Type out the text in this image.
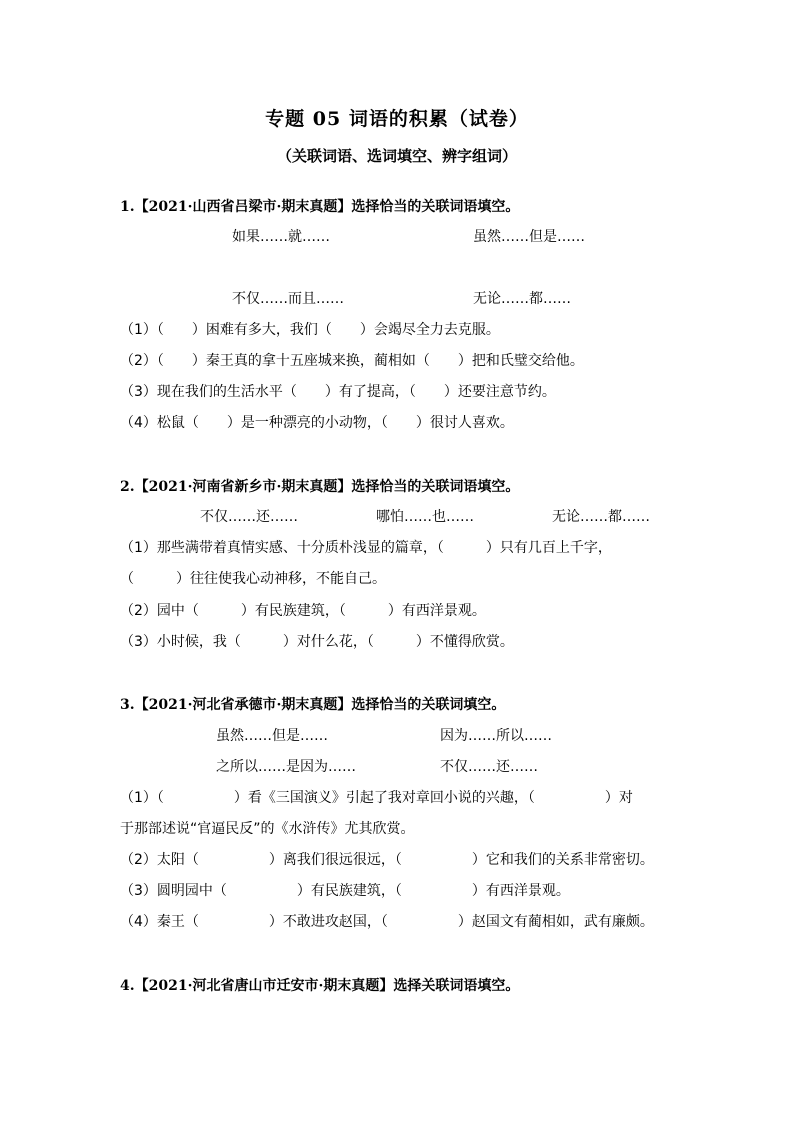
专题 05 词语的积累（试卷）
（关联词语、选词填空、辨字组词）
1.【2021·山西省吕梁市·期末真题】选择恰当的关联词语填空。
如果……就……	虽然……但是……
不仅……而且……	无论……都……
（1）（　　）困难有多大，我们（　　）会竭尽全力去克服。
（2）（　　）秦王真的拿十五座城来换，蔺相如（　　）把和氏璧交给他。
（3）现在我们的生活水平（　　）有了提高，（　　）还要注意节约。
（4）松鼠（　　）是一种漂亮的小动物，（　　）很讨人喜欢。
2.【2021·河南省新乡市·期末真题】选择恰当的关联词语填空。
不仅……还……	哪怕……也……	无论……都……
（1）那些满带着真情实感、十分质朴浅显的篇章，（　　　）只有几百上千字，
（　　　）往往使我心动神移，不能自己。
（2）园中（　　　）有民族建筑，（　　　）有西洋景观。
（3）小时候，我（　　　）对什么花，（　　　）不懂得欣赏。
3.【2021·河北省承德市·期末真题】选择恰当的关联词填空。
虽然……但是……	因为……所以……
之所以……是因为……	不仅……还……
（1）（　　　　　）看《三国演义》引起了我对章回小说的兴趣，（　　　　　）对
于那部述说“官逼民反”的《水浒传》尤其欣赏。
（2）太阳（　　　　　）离我们很远很远，（　　　　　）它和我们的关系非常密切。
（3）圆明园中（　　　　　）有民族建筑，（　　　　　）有西洋景观。
（4）秦王（　　　　　）不敢进攻赵国，（　　　　　）赵国文有蔺相如，武有廉颇。
4.【2021·河北省唐山市迁安市·期末真题】选择关联词语填空。
